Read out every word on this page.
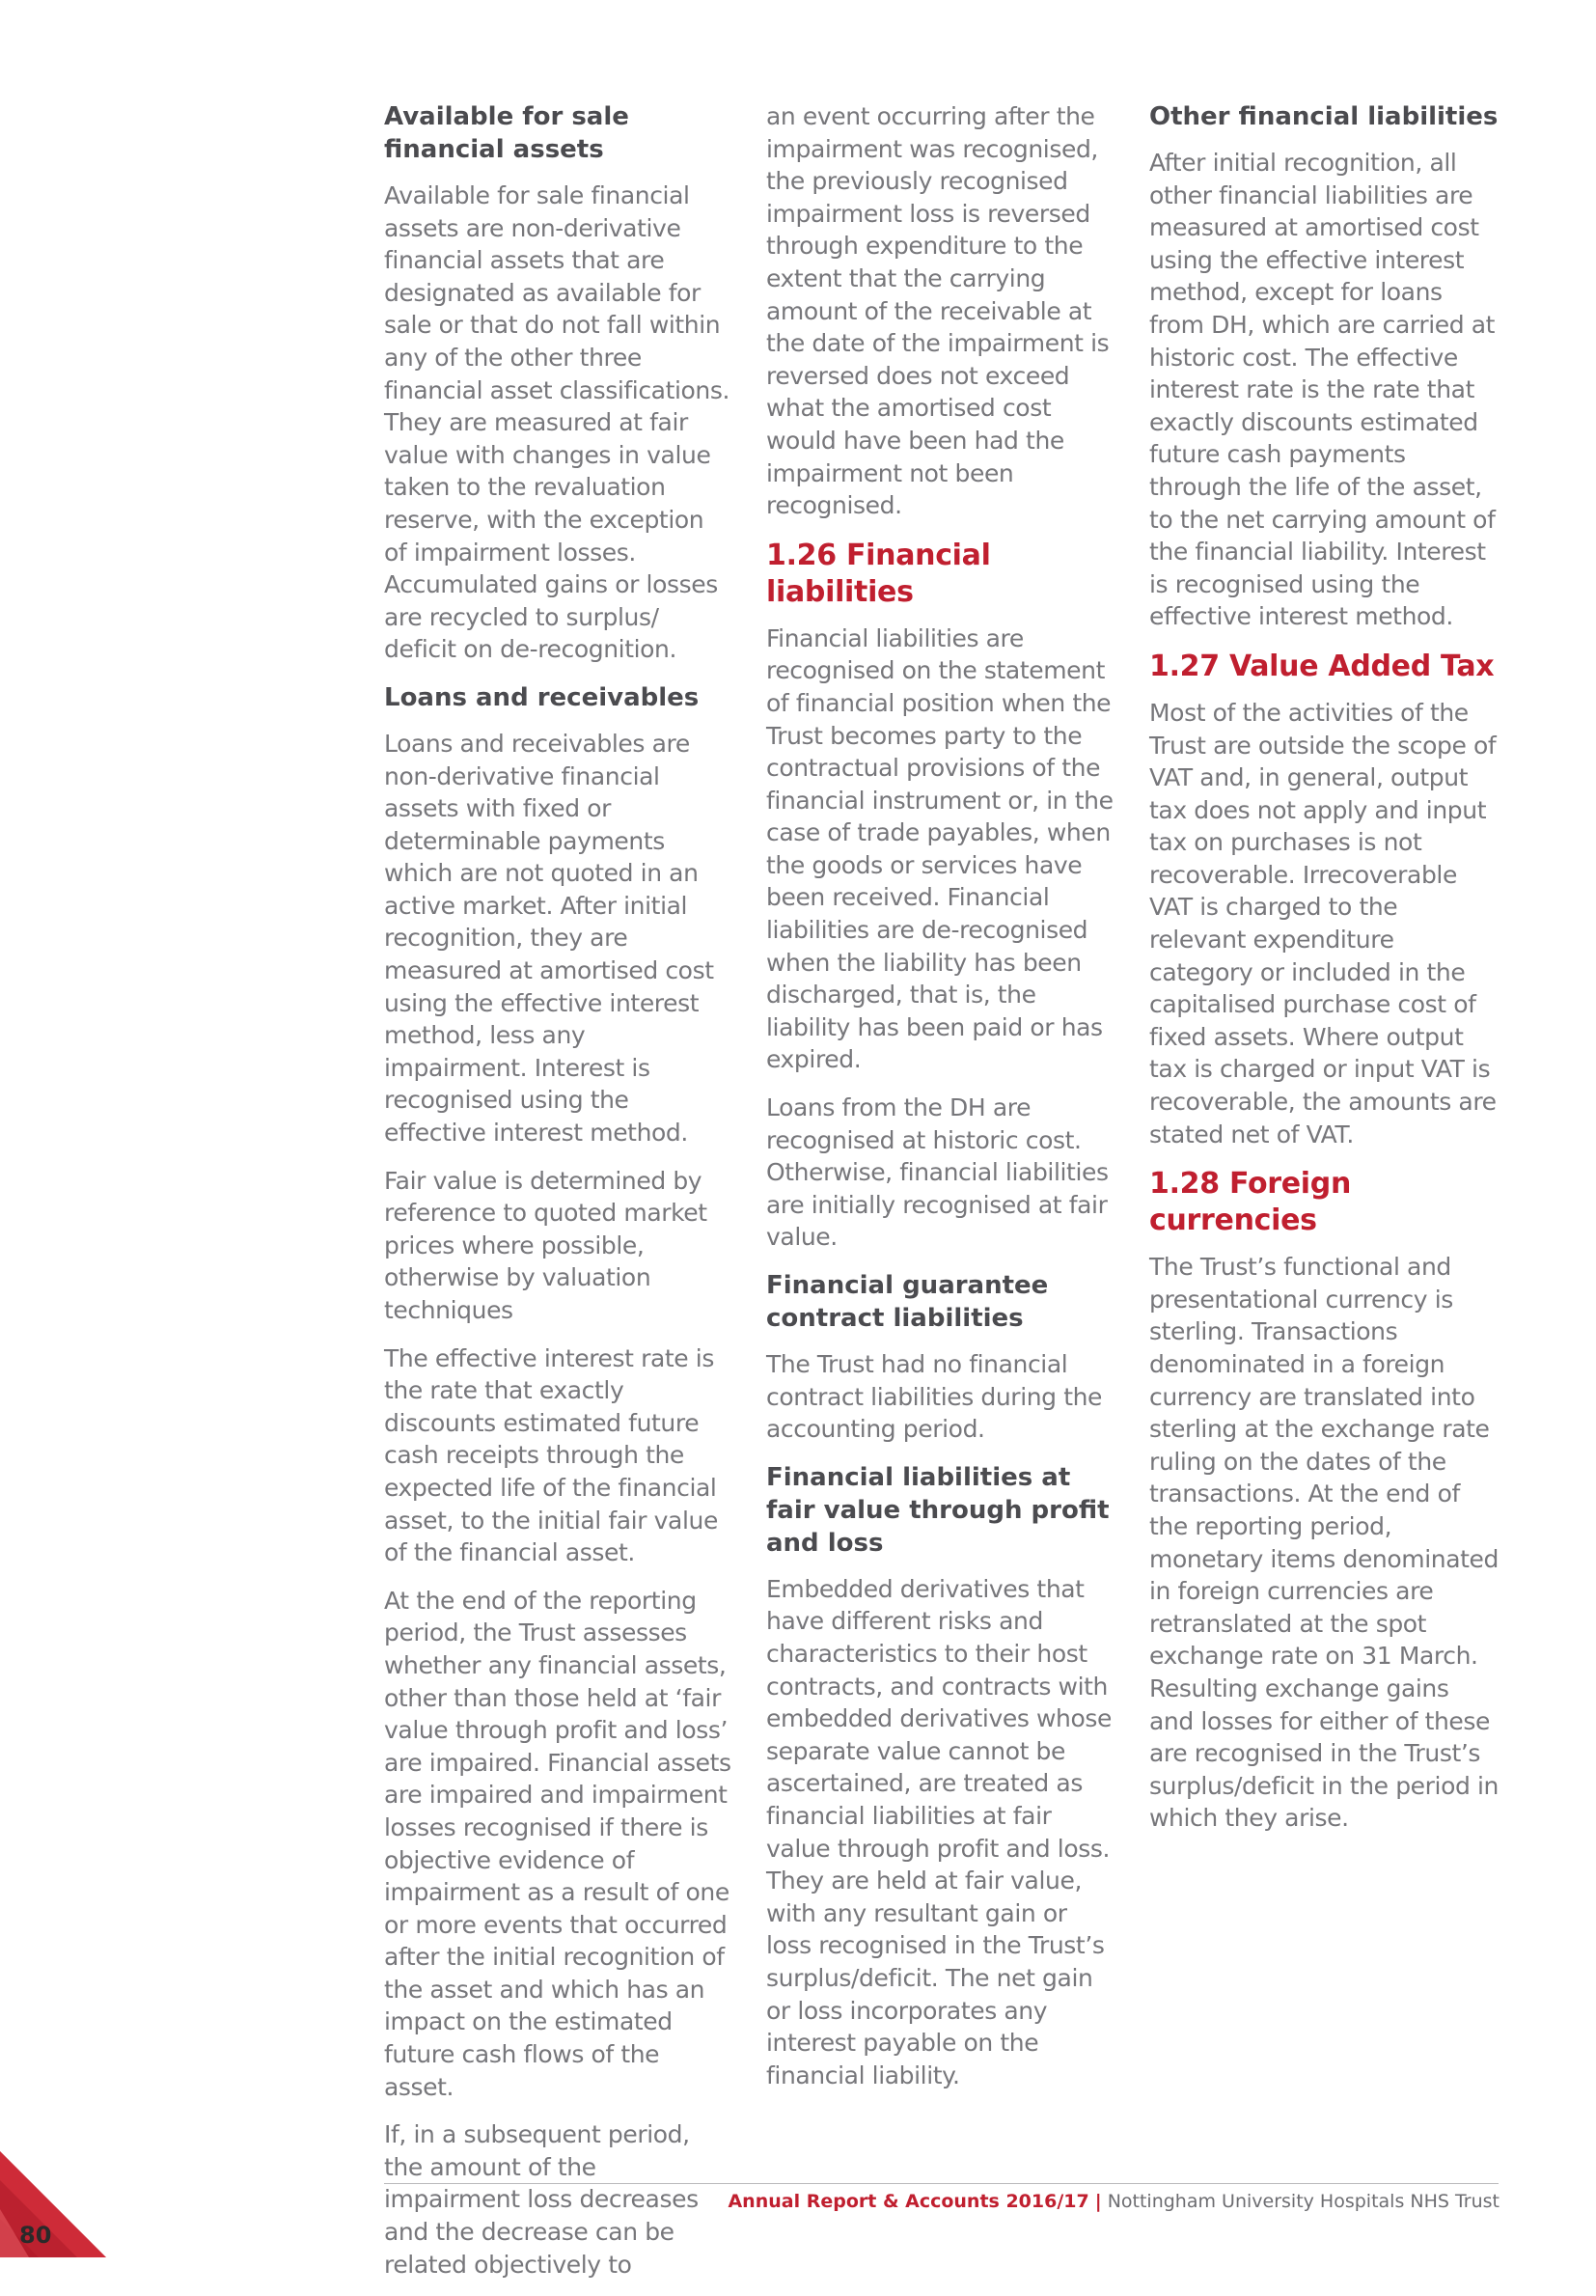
Available for sale financial assets
Available for sale financial assets are non-derivative financial assets that are designated as available for sale or that do not fall within any of the other three financial asset classifications. They are measured at fair value with changes in value taken to the revaluation reserve, with the exception of impairment losses. Accumulated gains or losses are recycled to surplus/ deficit on de-recognition.
Loans and receivables
Loans and receivables are non-derivative financial assets with fixed or determinable payments which are not quoted in an active market. After initial recognition, they are measured at amortised cost using the effective interest method, less any impairment. Interest is recognised using the effective interest method.
Fair value is determined by reference to quoted market prices where possible, otherwise by valuation techniques
The effective interest rate is the rate that exactly discounts estimated future cash receipts through the expected life of the financial asset, to the initial fair value of the financial asset.
At the end of the reporting period, the Trust assesses whether any financial assets, other than those held at ‘fair value through profit and loss’ are impaired. Financial assets are impaired and impairment losses recognised if there is objective evidence of impairment as a result of one or more events that occurred after the initial recognition of the asset and which has an impact on the estimated future cash flows of the asset.
If, in a subsequent period, the amount of the impairment loss decreases and the decrease can be related objectively to
an event occurring after the impairment was recognised, the previously recognised impairment loss is reversed through expenditure to the extent that the carrying amount of the receivable at the date of the impairment is reversed does not exceed what the amortised cost would have been had the impairment not been recognised.
1.26 Financial liabilities
Financial liabilities are recognised on the statement of financial position when the Trust becomes party to the contractual provisions of the financial instrument or, in the case of trade payables, when the goods or services have been received. Financial liabilities are de-recognised when the liability has been discharged, that is, the liability has been paid or has expired.
Loans from the DH are recognised at historic cost. Otherwise, financial liabilities are initially recognised at fair value.
Financial guarantee contract liabilities
The Trust had no financial contract liabilities during the accounting period.
Financial liabilities at fair value through profit and loss
Embedded derivatives that have different risks and characteristics to their host contracts, and contracts with embedded derivatives whose separate value cannot be ascertained, are treated as financial liabilities at fair value through profit and loss. They are held at fair value, with any resultant gain or loss recognised in the Trust’s surplus/deficit. The net gain or loss incorporates any interest payable on the financial liability.
Other financial liabilities
After initial recognition, all other financial liabilities are measured at amortised cost using the effective interest method, except for loans from DH, which are carried at historic cost. The effective interest rate is the rate that exactly discounts estimated future cash payments through the life of the asset, to the net carrying amount of the financial liability. Interest is recognised using the effective interest method.
1.27 Value Added Tax
Most of the activities of the Trust are outside the scope of VAT and, in general, output tax does not apply and input tax on purchases is not recoverable. Irrecoverable VAT is charged to the relevant expenditure category or included in the capitalised purchase cost of fixed assets. Where output tax is charged or input VAT is recoverable, the amounts are stated net of VAT.
1.28 Foreign currencies
The Trust’s functional and presentational currency is sterling. Transactions denominated in a foreign currency are translated into sterling at the exchange rate ruling on the dates of the transactions. At the end of the reporting period, monetary items denominated in foreign currencies are retranslated at the spot exchange rate on 31 March. Resulting exchange gains and losses for either of these are recognised in the Trust’s surplus/deficit in the period in which they arise.
Annual Report & Accounts 2016/17 | Nottingham University Hospitals NHS Trust
80
